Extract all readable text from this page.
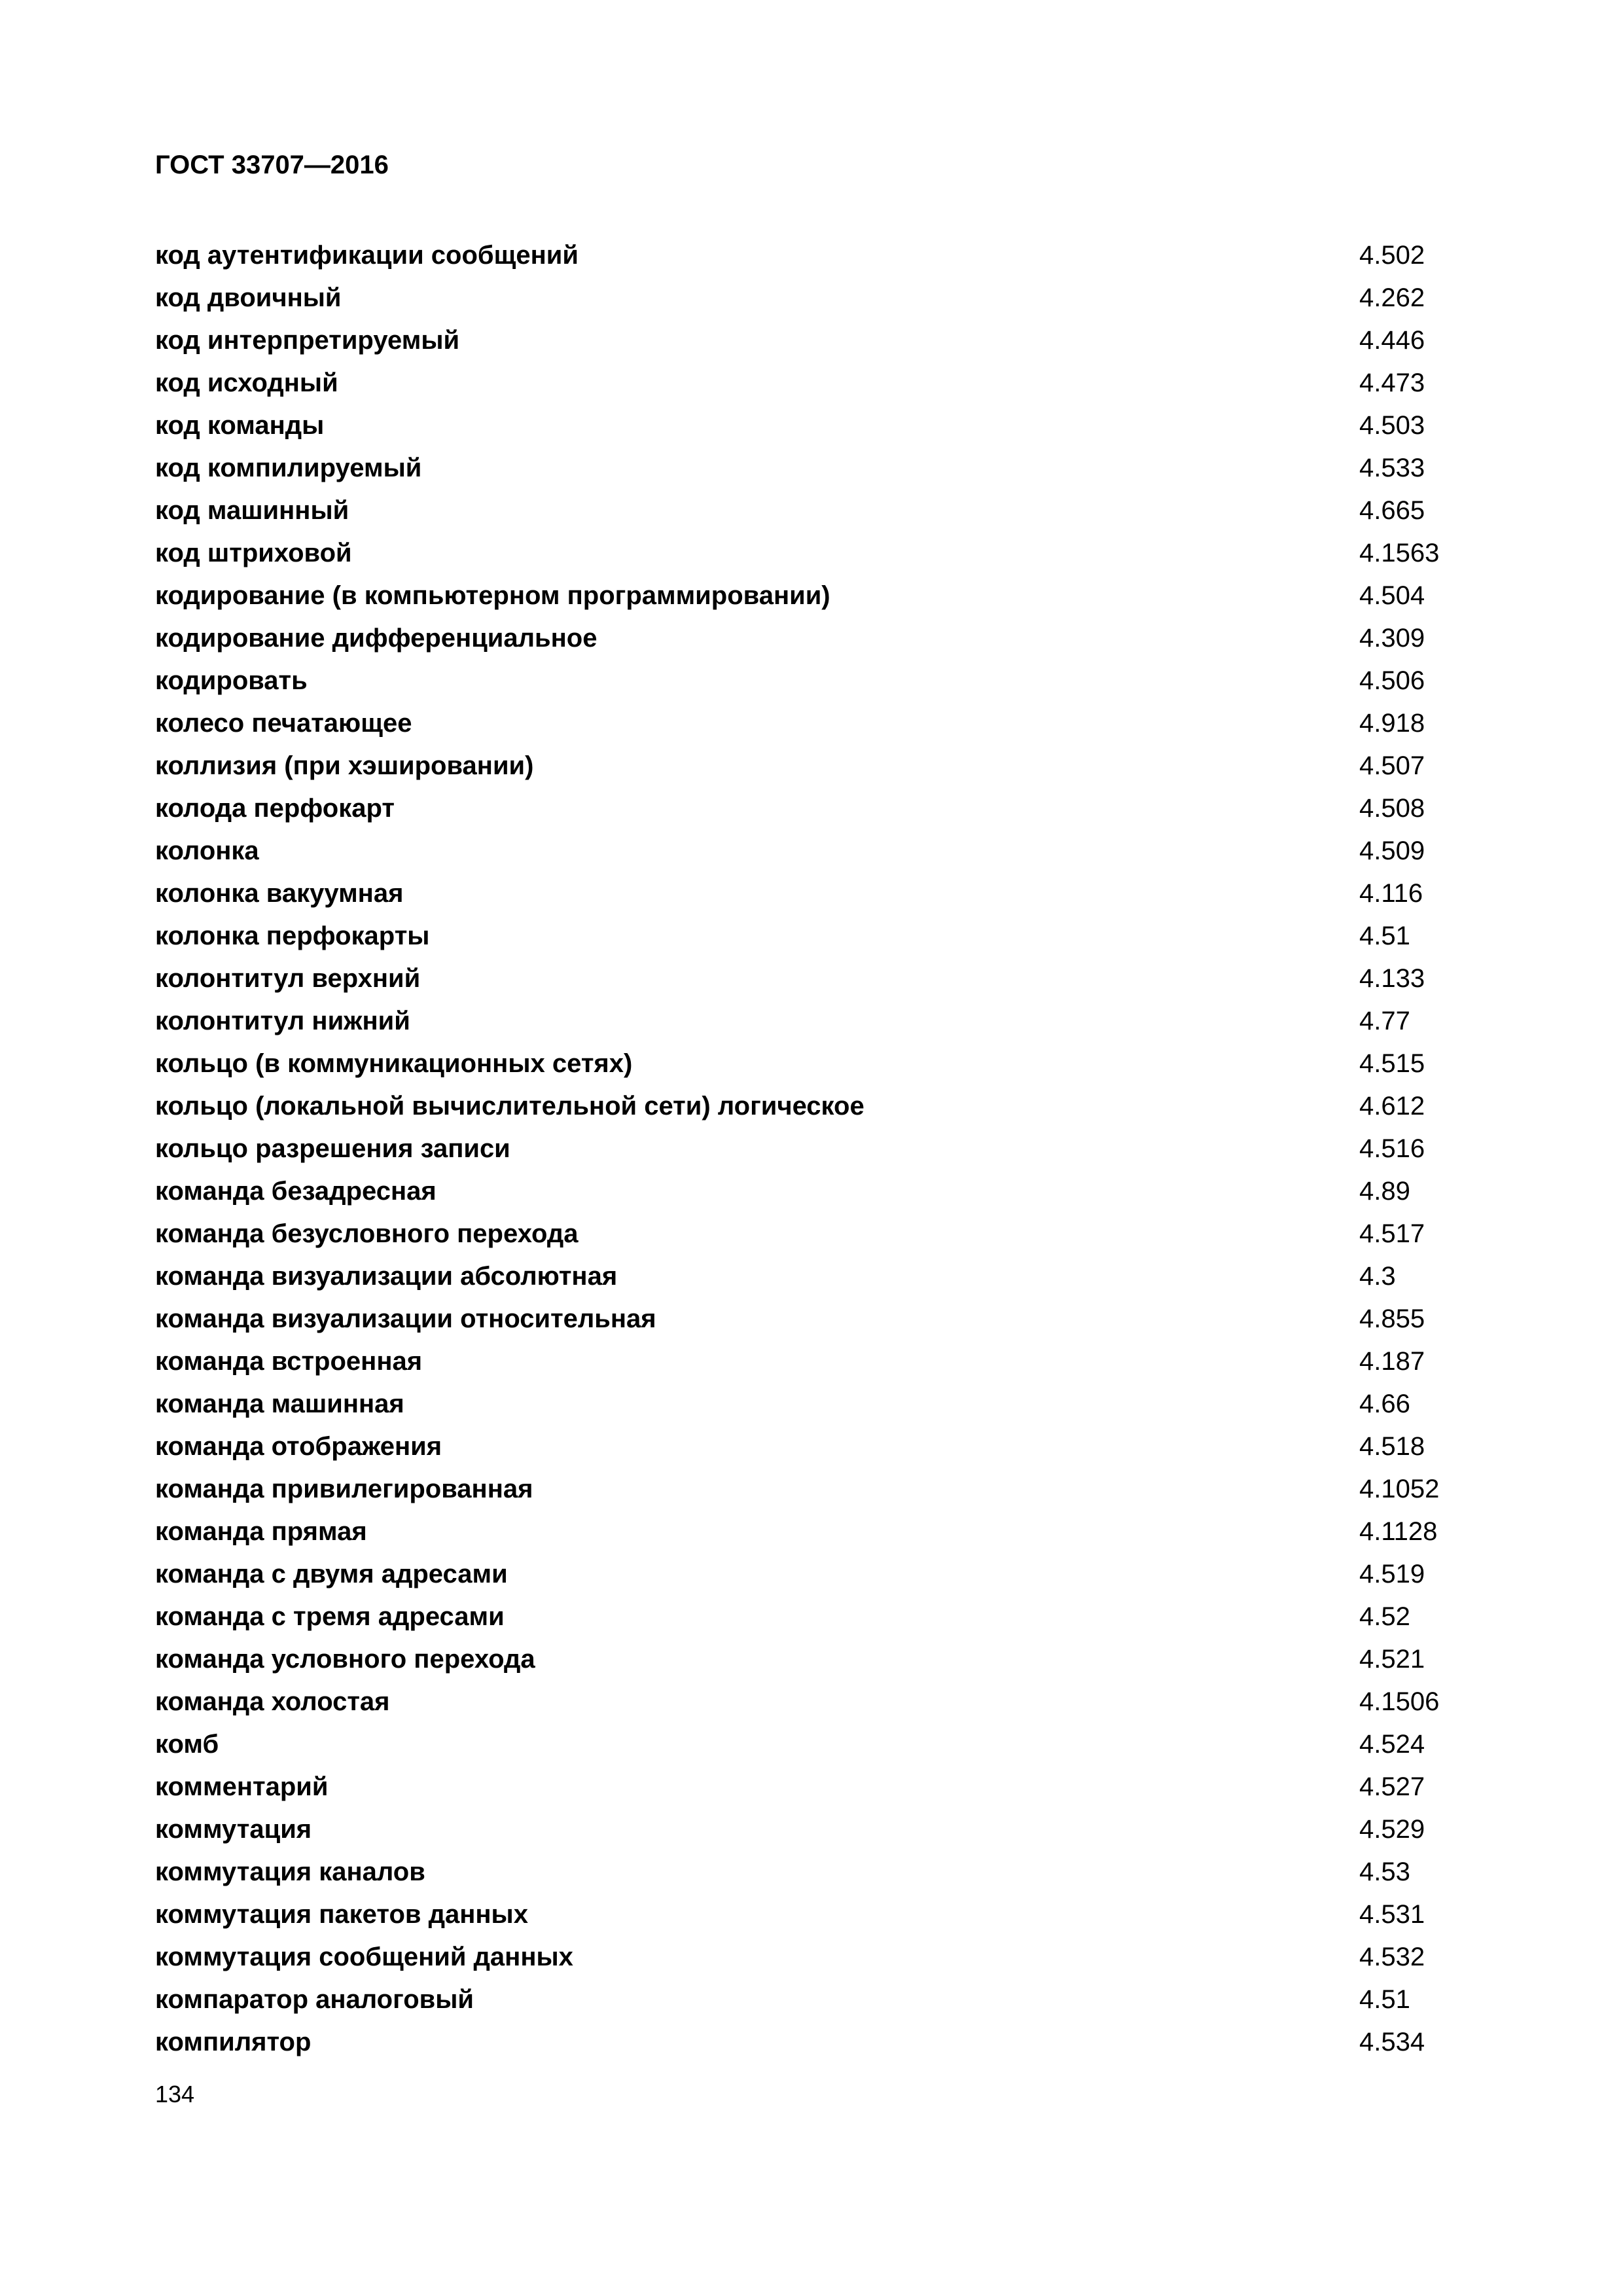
ГОСТ 33707—2016
код аутентификации сообщений	4.502
код двоичный	4.262
код интерпретируемый	4.446
код исходный	4.473
код команды	4.503
код компилируемый	4.533
код машинный	4.665
код штриховой	4.1563
кодирование (в компьютерном программировании)	4.504
кодирование дифференциальное	4.309
кодировать	4.506
колесо печатающее	4.918
коллизия (при хэшировании)	4.507
колода перфокарт	4.508
колонка	4.509
колонка вакуумная	4.116
колонка перфокарты	4.51
колонтитул верхний	4.133
колонтитул нижний	4.77
кольцо (в коммуникационных сетях)	4.515
кольцо (локальной вычислительной сети) логическое	4.612
кольцо разрешения записи	4.516
команда безадресная	4.89
команда безусловного перехода	4.517
команда визуализации абсолютная	4.3
команда визуализации относительная	4.855
команда встроенная	4.187
команда машинная	4.66
команда отображения	4.518
команда привилегированная	4.1052
команда прямая	4.1128
команда с двумя адресами	4.519
команда с тремя адресами	4.52
команда условного перехода	4.521
команда холостая	4.1506
комб	4.524
комментарий	4.527
коммутация	4.529
коммутация каналов	4.53
коммутация пакетов данных	4.531
коммутация сообщений данных	4.532
компаратор аналоговый	4.51
компилятор	4.534
134
